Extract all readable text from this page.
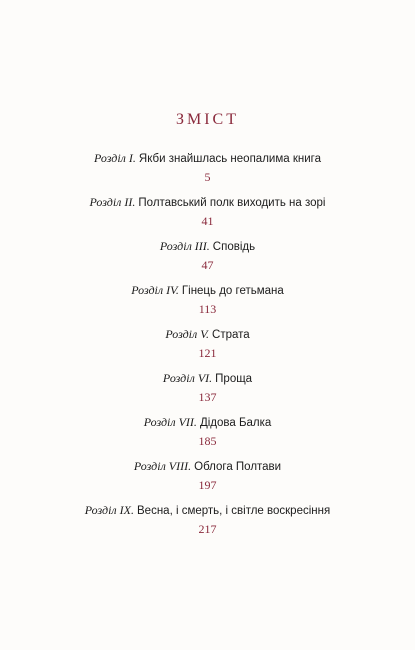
ЗМІСТ
Розділ І. Якби знайшлась неопалима книга
5
Розділ ІІ. Полтавський полк виходить на зорі
41
Розділ ІІІ. Сповідь
47
Розділ IV. Гінець до гетьмана
113
Розділ V. Страта
121
Розділ VI. Проща
137
Розділ VII. Дідова Балка
185
Розділ VIII. Облога Полтави
197
Розділ IX. Весна, і смерть, і світле воскресіння
217
